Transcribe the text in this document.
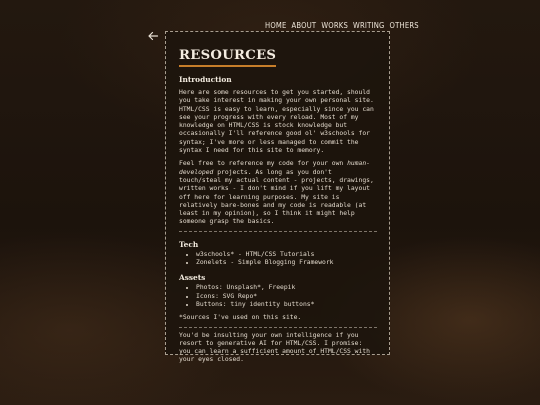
HOME ABOUT WORKS WRITING OTHERS
RESOURCES
Introduction

Here are some resources to get you started, should you take interest in making your own personal site. HTML/CSS is easy to learn, especially since you can see your progress with every reload. Most of my knowledge on HTML/CSS is stock knowledge but occasionally I'll reference good ol' w3schools for syntax; I've more or less managed to commit the syntax I need for this site to memory.

Feel free to reference my code for your own human-developed projects. As long as you don't touch/steal my actual content - projects, drawings, written works - I don't mind if you lift my layout off here for learning purposes. My site is relatively bare-bones and my code is readable (at least in my opinion), so I think it might help someone grasp the basics.

Tech
• w3schools* - HTML/CSS Tutorials
• Zonelets - Simple Blogging Framework
Assets
• Photos: Unsplash*, Freepik
• Icons: SVG Repo*
• Buttons: tiny identity buttons*

*Sources I've used on this site.

You'd be insulting your own intelligence if you resort to generative AI for HTML/CSS. I promise: you can learn a sufficient amount of HTML/CSS with your eyes closed.
